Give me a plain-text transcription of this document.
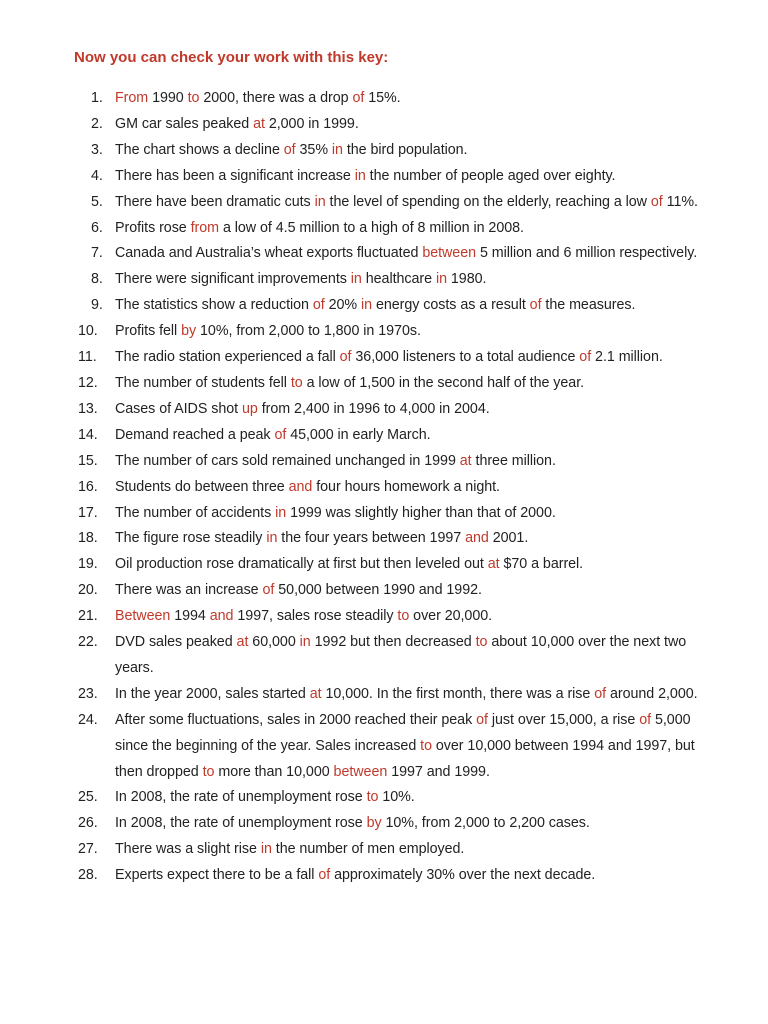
Now you can check your work with this key:
1. From 1990 to 2000, there was a drop of 15%.
2. GM car sales peaked at 2,000 in 1999.
3. The chart shows a decline of 35% in the bird population.
4. There has been a significant increase in the number of people aged over eighty.
5. There have been dramatic cuts in the level of spending on the elderly, reaching a low of 11%.
6. Profits rose from a low of 4.5 million to a high of 8 million in 2008.
7. Canada and Australia’s wheat exports fluctuated between 5 million and 6 million respectively.
8. There were significant improvements in healthcare in 1980.
9. The statistics show a reduction of 20% in energy costs as a result of the measures.
10. Profits fell by 10%, from 2,000 to 1,800 in 1970s.
11. The radio station experienced a fall of 36,000 listeners to a total audience of 2.1 million.
12. The number of students fell to a low of 1,500 in the second half of the year.
13. Cases of AIDS shot up from 2,400 in 1996 to 4,000 in 2004.
14. Demand reached a peak of 45,000 in early March.
15. The number of cars sold remained unchanged in 1999 at three million.
16. Students do between three and four hours homework a night.
17. The number of accidents in 1999 was slightly higher than that of 2000.
18. The figure rose steadily in the four years between 1997 and 2001.
19. Oil production rose dramatically at first but then leveled out at $70 a barrel.
20. There was an increase of 50,000 between 1990 and 1992.
21. Between 1994 and 1997, sales rose steadily to over 20,000.
22. DVD sales peaked at 60,000 in 1992 but then decreased to about 10,000 over the next two years.
23. In the year 2000, sales started at 10,000. In the first month, there was a rise of around 2,000.
24. After some fluctuations, sales in 2000 reached their peak of just over 15,000, a rise of 5,000 since the beginning of the year. Sales increased to over 10,000 between 1994 and 1997, but then dropped to more than 10,000 between 1997 and 1999.
25. In 2008, the rate of unemployment rose to 10%.
26. In 2008, the rate of unemployment rose by 10%, from 2,000 to 2,200 cases.
27. There was a slight rise in the number of men employed.
28. Experts expect there to be a fall of approximately 30% over the next decade.
